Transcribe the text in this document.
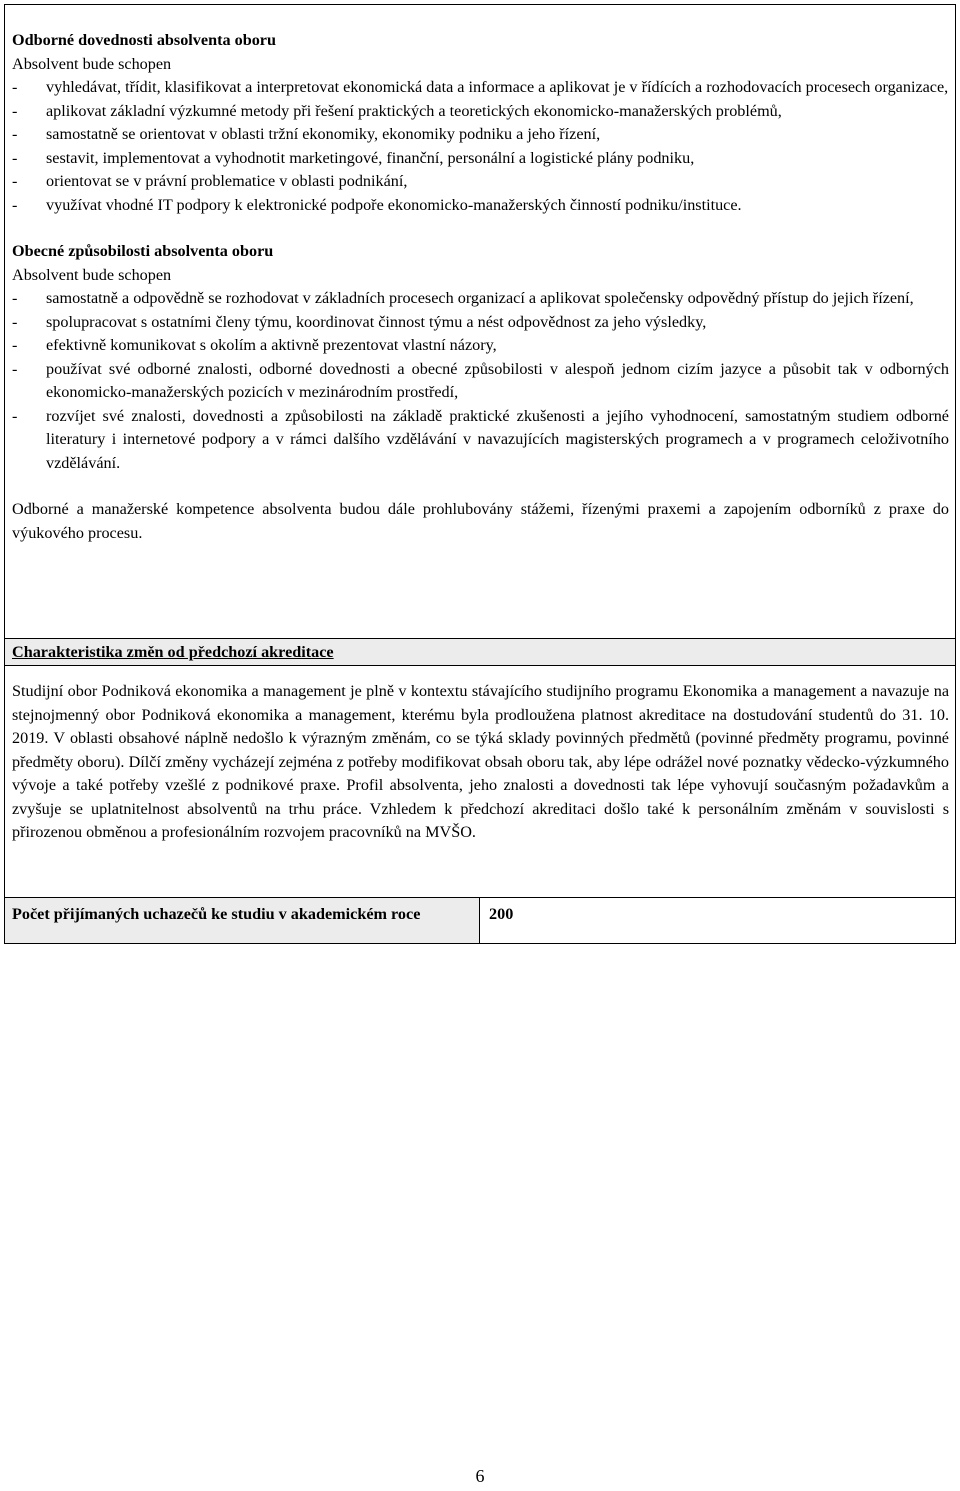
Odborné dovednosti absolventa oboru
Absolvent bude schopen
- vyhledávat, třídit, klasifikovat a interpretovat ekonomická data a informace a aplikovat je v řídících a rozhodovacích procesech organizace,
- aplikovat základní výzkumné metody při řešení praktických a teoretických ekonomicko-manažerských problémů,
- samostatně se orientovat v oblasti tržní ekonomiky, ekonomiky podniku a jeho řízení,
- sestavit, implementovat a vyhodnotit marketingové, finanční, personální a logistické plány podniku,
- orientovat se v právní problematice v oblasti podnikání,
- využívat vhodné IT podpory k elektronické podpoře ekonomicko-manažerských činností podniku/instituce.
Obecné způsobilosti absolventa oboru
Absolvent bude schopen
- samostatně a odpovědně se rozhodovat v základních procesech organizací a aplikovat společensky odpovědný přístup do jejich řízení,
- spolupracovat s ostatními členy týmu, koordinovat činnost týmu a nést odpovědnost za jeho výsledky,
- efektivně komunikovat s okolím a aktivně prezentovat vlastní názory,
- používat své odborné znalosti, odborné dovednosti a obecné způsobilosti v alespoň jednom cizím jazyce a působit tak v odborných ekonomicko-manažerských pozicích v mezinárodním prostředí,
- rozvíjet své znalosti, dovednosti a způsobilosti na základě praktické zkušenosti a jejího vyhodnocení, samostatným studiem odborné literatury i internetové podpory a v rámci dalšího vzdělávání v navazujících magisterských programech a v programech celoživotního vzdělávání.

Odborné a manažerské kompetence absolventa budou dále prohlubovány stážemi, řízenými praxemi a zapojením odborníků z praxe do výukového procesu.

Charakteristika změn od předchozí akreditace

Studijní obor Podniková ekonomika a management je plně v kontextu stávajícího studijního programu Ekonomika a management a navazuje na stejnojmenný obor Podniková ekonomika a management, kterému byla prodloužena platnost akreditace na dostudování studentů do 31. 10. 2019. V oblasti obsahové náplně nedošlo k výrazným změnám, co se týká sklady povinných předmětů (povinné předměty programu, povinné předměty oboru). Dílčí změny vycházejí zejména z potřeby modifikovat obsah oboru tak, aby lépe odrážel nové poznatky vědecko-výzkumného vývoje a také potřeby vzešlé z podnikové praxe. Profil absolventa, jeho znalosti a dovednosti tak lépe vyhovují současným požadavkům a zvyšuje se uplatnitelnost absolventů na trhu práce. Vzhledem k předchozí akreditaci došlo také k personálním změnám v souvislosti s přirozenou obměnou a profesionálním rozvojem pracovníků na MVŠO.

Počet přijímaných uchazečů ke studiu v akademickém roce	200
6
